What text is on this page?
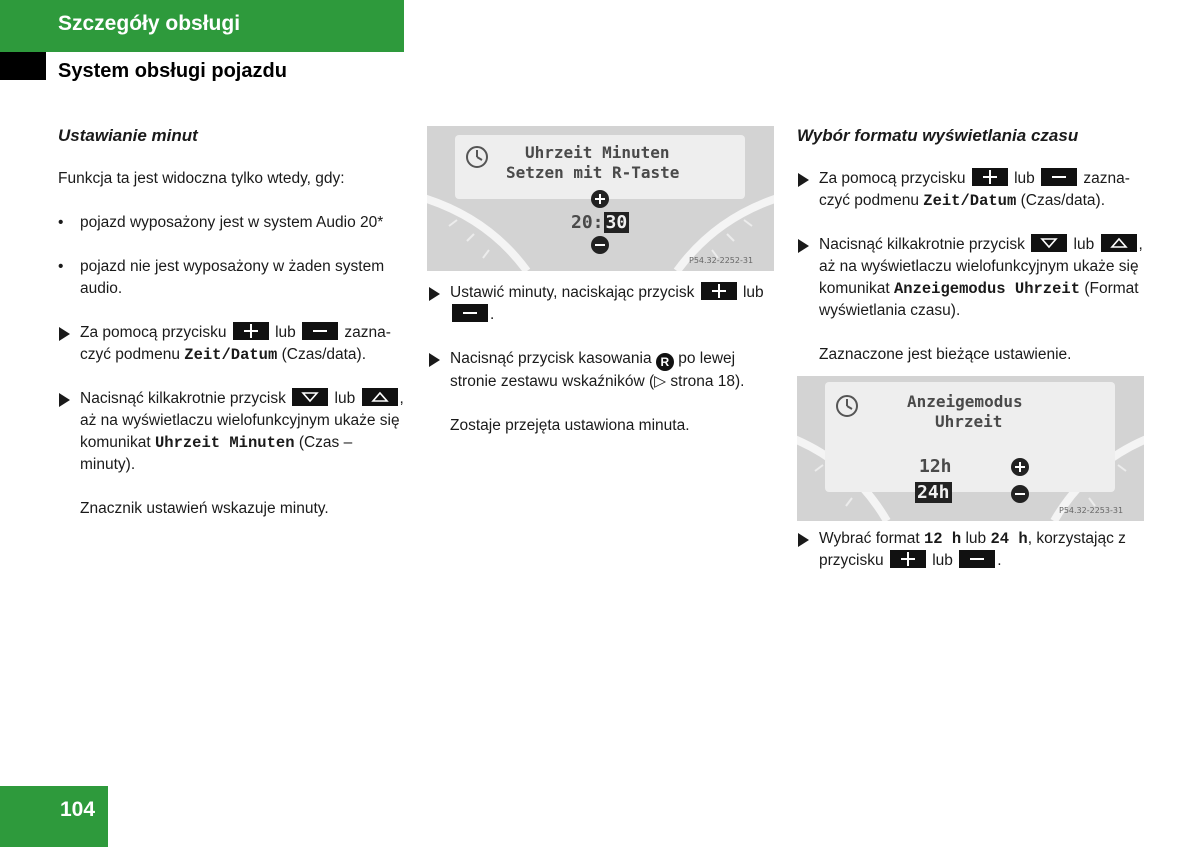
Szczegóły obsługi
System obsługi pojazdu
Ustawianie minut
Funkcja ta jest widoczna tylko wtedy, gdy:
• pojazd wyposażony jest w system Audio 20*
• pojazd nie jest wyposażony w żaden system audio.
Za pomocą przycisku	lub	zazna-czyć podmenu Zeit/Datum (Czas/data).
Nacisnąć kilkakrotnie przycisk	lub	, aż na wyświetlaczu wielofunkcyjnym ukaże się komunikat Uhrzeit Minuten (Czas – minuty).
Znacznik ustawień wskazuje minuty.
Uhrzeit Minuten
Setzen mit R-Taste
20: 30
P54.32-2252-31
Ustawić minuty, naciskając przycisk	lub
.
Nacisnąć przycisk kasowania R po lewej stronie zestawu wskaźników (▷ strona 18).
Zostaje przejęta ustawiona minuta.
Wybór formatu wyświetlania czasu
Za pomocą przycisku	lub	zazna-czyć podmenu Zeit/Datum (Czas/data).
Nacisnąć kilkakrotnie przycisk	lub	, aż na wyświetlaczu wielofunkcyjnym ukaże się komunikat Anzeigemodus Uhrzeit (Format wyświetlania czasu).
Zaznaczone jest bieżące ustawienie.
Anzeigemodus
Uhrzeit
12h
24h
P54.32-2253-31
Wybrać format 12 h lub 24 h, korzystając z przycisku	lub	.
104
